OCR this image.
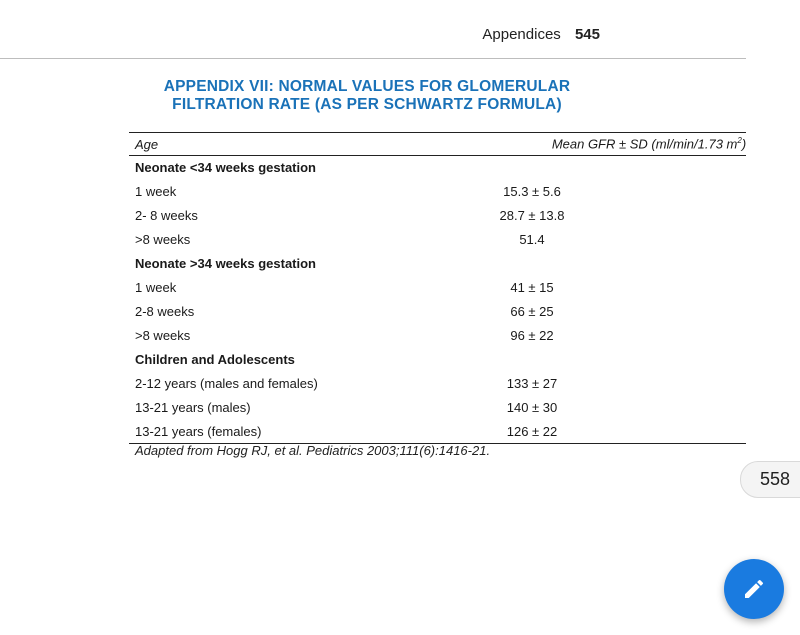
Appendices 545
APPENDIX VII: NORMAL VALUES FOR GLOMERULAR
FILTRATION RATE (AS PER SCHWARTZ FORMULA)
Age	Mean GFR ± SD (ml/min/1.73 $m^2$)
Neonate <34 weeks gestation	
1 week	15.3 ± 5.6
2- 8 weeks	28.7 ± 13.8
>8 weeks	51.4
Neonate >34 weeks gestation	
1 week	41 ± 15
2-8 weeks	66 ± 25
>8 weeks	96 ± 22
Children and Adolescents	
2-12 years (males and females)	133 ± 27
13-21 years (males)	140 ± 30
13-21 years (females)	126 ± 22
Adapted from Hogg RJ, et al. Pediatrics 2003;111(6):1416-21.
558
